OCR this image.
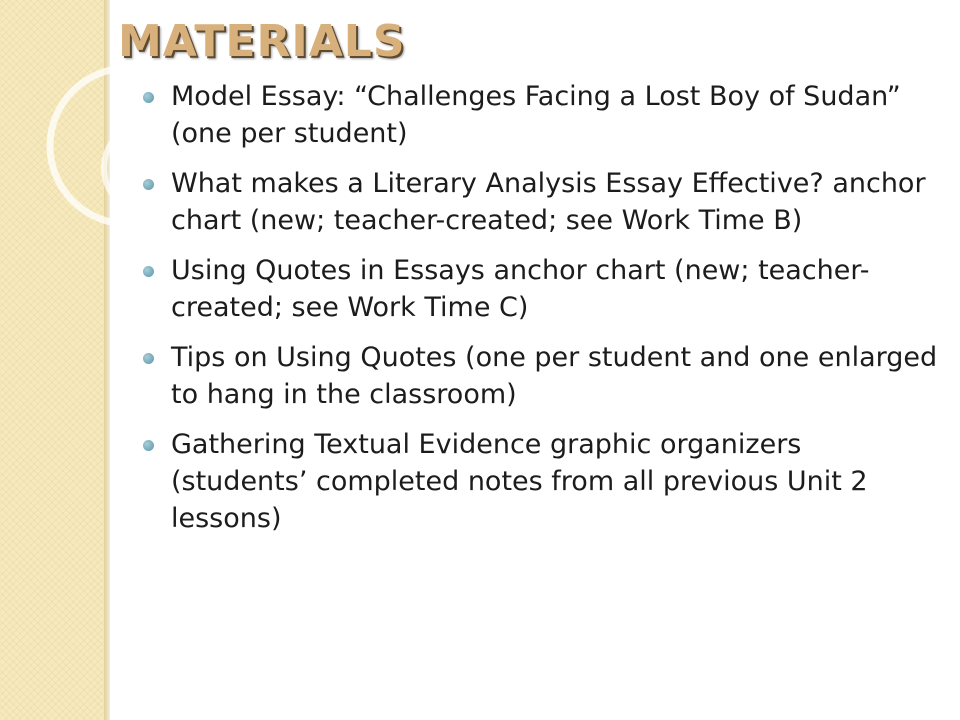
MATERIALS
Model Essay: “Challenges Facing a Lost Boy of Sudan” (one per student)
What makes a Literary Analysis Essay Effective? anchor chart (new; teacher-created; see Work Time B)
Using Quotes in Essays anchor chart (new; teacher-created; see Work Time C)
Tips on Using Quotes (one per student and one enlarged to hang in the classroom)
Gathering Textual Evidence graphic organizers (students’ completed notes from all previous Unit 2 lessons)
